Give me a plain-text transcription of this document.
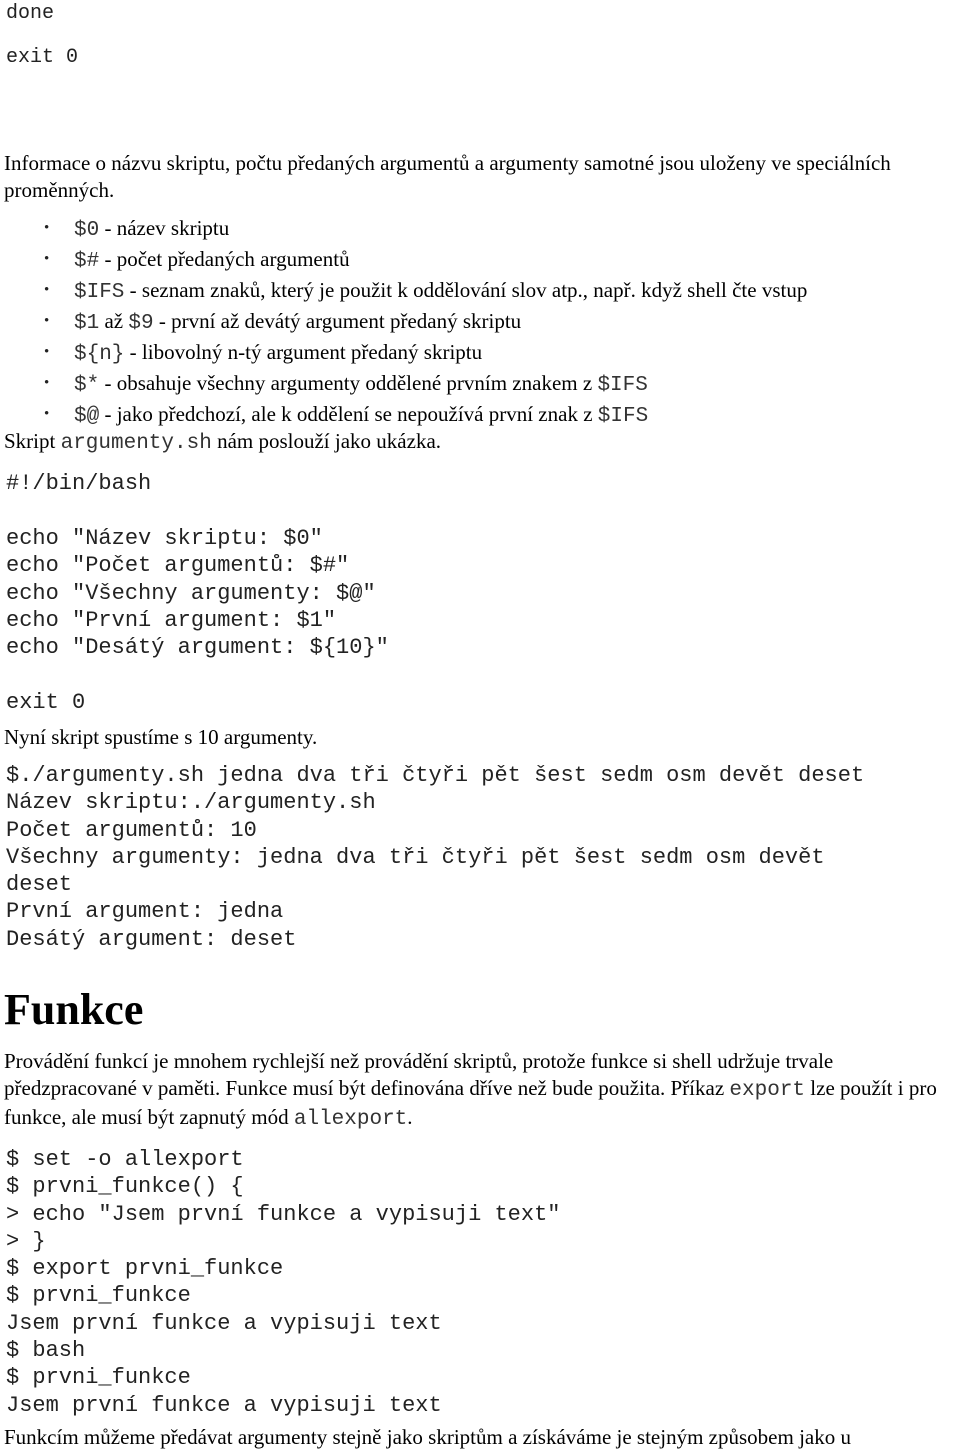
done
exit 0

Informace o názvu skriptu, počtu předaných argumentů a argumenty samotné jsou uloženy ve speciálních proměnných.

• $0 - název skriptu
• $# - počet předaných argumentů
• $IFS - seznam znaků, který je použit k oddělování slov atp., např. když shell čte vstup
• $1 až $9 - první až devátý argument předaný skriptu
• ${n} - libovolný n-tý argument předaný skriptu
• $* - obsahuje všechny argumenty oddělené prvním znakem z $IFS
• $@ - jako předchozí, ale k oddělení se nepoužívá první znak z $IFS

Skript argumenty.sh nám poslouží jako ukázka.

#!/bin/bash

echo "Název skriptu: $0"
echo "Počet argumentů: $#"
echo "Všechny argumenty: $@"
echo "První argument: $1"
echo "Desátý argument: ${10}"

exit 0

Nyní skript spustíme s 10 argumenty.

$./argumenty.sh jedna dva tři čtyři pět šest sedm osm devět deset
Název skriptu:./argumenty.sh
Počet argumentů: 10
Všechny argumenty: jedna dva tři čtyři pět šest sedm osm devět
deset
První argument: jedna
Desátý argument: deset
Funkce

Provádění funkcí je mnohem rychlejší než provádění skriptů, protože funkce si shell udržuje trvale předzpracované v paměti. Funkce musí být definována dříve než bude použita. Příkaz export lze použít i pro funkce, ale musí být zapnutý mód allexport.

$ set -o allexport
$ prvni_funkce() {
> echo "Jsem první funkce a vypisuji text"
> }
$ export prvni_funkce
$ prvni_funkce
Jsem první funkce a vypisuji text
$ bash
$ prvni_funkce
Jsem první funkce a vypisuji text

Funkcím můžeme předávat argumenty stejně jako skriptům a získáváme je stejným způsobem jako u
